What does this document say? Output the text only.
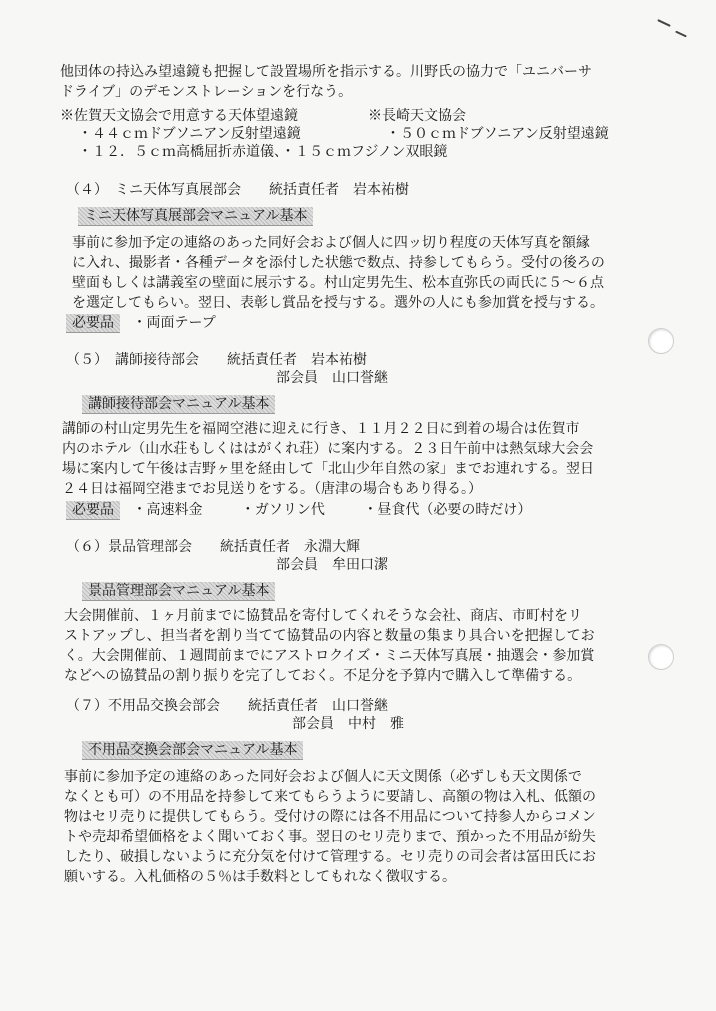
他団体の持込み望遠鏡も把握して設置場所を指示する。川野氏の協力で「ユニバーサ
ドライブ」のデモンストレーションを行なう。
※佐賀天文協会で用意する天体望遠鏡	※長崎天文協会
・４４ｃｍドブソニアン反射望遠鏡	・５０ｃｍドブソニアン反射望遠鏡
・１２．５ｃｍ高橋屈折赤道儀、・１５ｃｍフジノン双眼鏡
（４）　ミニ天体写真展部会　　統括責任者　岩本祐樹
ミニ天体写真展部会マニュアル基本
事前に参加予定の連絡のあった同好会および個人に四ッ切り程度の天体写真を額縁
に入れ、撮影者・各種データを添付した状態で数点、持参してもらう。受付の後ろの
壁面もしくは講義室の壁面に展示する。村山定男先生、松本直弥氏の両氏に５～６点
を選定してもらい。翌日、表彰し賞品を授与する。選外の人にも参加賞を授与する。
必要品 ・両面テープ
（５）　講師接待部会　　統括責任者　岩本祐樹
部会員　山口誉継
講師接待部会マニュアル基本
講師の村山定男先生を福岡空港に迎えに行き、１１月２２日に到着の場合は佐賀市
内のホテル（山水荘もしくははがくれ荘）に案内する。２３日午前中は熱気球大会会
場に案内して午後は吉野ヶ里を経由して「北山少年自然の家」までお連れする。翌日
２４日は福岡空港までお見送りをする。（唐津の場合もあり得る。）
必要品 ・高速料金	・ガソリン代	・昼食代（必要の時だけ）
（６）景品管理部会　　統括責任者　永淵大輝
部会員　牟田口潔
景品管理部会マニュアル基本
大会開催前、１ヶ月前までに協賛品を寄付してくれそうな会社、商店、市町村をリ
ストアップし、担当者を割り当てて協賛品の内容と数量の集まり具合いを把握してお
く。大会開催前、１週間前までにアストロクイズ・ミニ天体写真展・抽選会・参加賞
などへの協賛品の割り振りを完了しておく。不足分を予算内で購入して準備する。
（７）不用品交換会部会　　統括責任者　山口誉継
部会員　中村　雅
不用品交換会部会マニュアル基本
事前に参加予定の連絡のあった同好会および個人に天文関係（必ずしも天文関係で
なくとも可）の不用品を持参して来てもらうように要請し、高額の物は入札、低額の
物はセリ売りに提供してもらう。受付けの際には各不用品について持参人からコメン
トや売却希望価格をよく聞いておく事。翌日のセリ売りまで、預かった不用品が紛失
したり、破損しないように充分気を付けて管理する。セリ売りの司会者は冨田氏にお
願いする。入札価格の５％は手数料としてもれなく徴収する。
